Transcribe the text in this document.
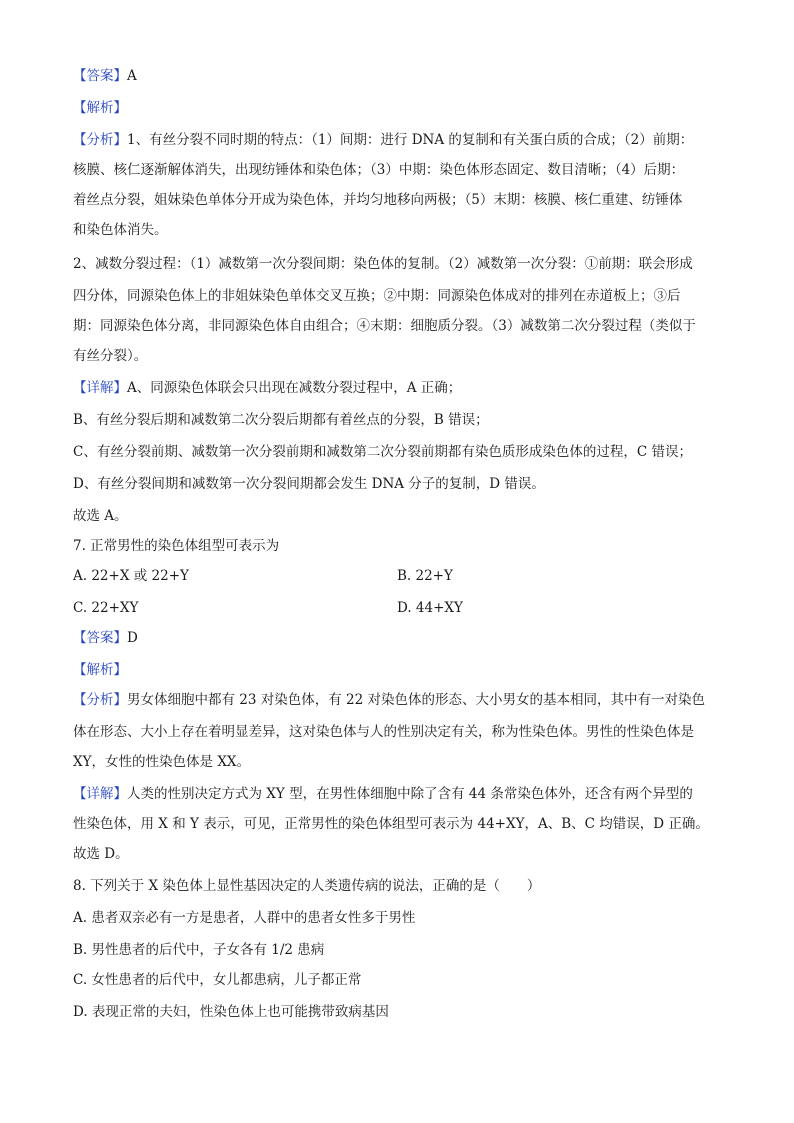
【答案】A
【解析】
【分析】1、有丝分裂不同时期的特点：（1）间期：进行 DNA 的复制和有关蛋白质的合成；（2）前期：
核膜、核仁逐渐解体消失，出现纺锤体和染色体；（3）中期：染色体形态固定、数目清晰；（4）后期：
着丝点分裂，姐妹染色单体分开成为染色体，并均匀地移向两极；（5）末期：核膜、核仁重建、纺锤体
和染色体消失。
2、减数分裂过程：（1）减数第一次分裂间期：染色体的复制。（2）减数第一次分裂：①前期：联会形成
四分体，同源染色体上的非姐妹染色单体交叉互换；②中期：同源染色体成对的排列在赤道板上；③后
期：同源染色体分离，非同源染色体自由组合；④末期：细胞质分裂。（3）减数第二次分裂过程（类似于
有丝分裂）。
【详解】A、同源染色体联会只出现在减数分裂过程中，A 正确；
B、有丝分裂后期和减数第二次分裂后期都有着丝点的分裂，B 错误；
C、有丝分裂前期、减数第一次分裂前期和减数第二次分裂前期都有染色质形成染色体的过程，C 错误；
D、有丝分裂间期和减数第一次分裂间期都会发生 DNA 分子的复制，D 错误。
故选 A。
7. 正常男性的染色体组型可表示为
A. 22+X 或 22+Y	B. 22+Y
C. 22+XY	D. 44+XY
【答案】D
【解析】
【分析】男女体细胞中都有 23 对染色体，有 22 对染色体的形态、大小男女的基本相同，其中有一对染色
体在形态、大小上存在着明显差异，这对染色体与人的性别决定有关，称为性染色体。男性的性染色体是
XY，女性的性染色体是 XX。
【详解】人类的性别决定方式为 XY 型，在男性体细胞中除了含有 44 条常染色体外，还含有两个异型的
性染色体，用 X 和 Y 表示，可见，正常男性的染色体组型可表示为 44+XY，A、B、C 均错误，D 正确。
故选 D。
8. 下列关于 X 染色体上显性基因决定的人类遗传病的说法，正确的是（　　）
A. 患者双亲必有一方是患者，人群中的患者女性多于男性
B. 男性患者的后代中，子女各有 1/2 患病
C. 女性患者的后代中，女儿都患病，儿子都正常
D. 表现正常的夫妇，性染色体上也可能携带致病基因
